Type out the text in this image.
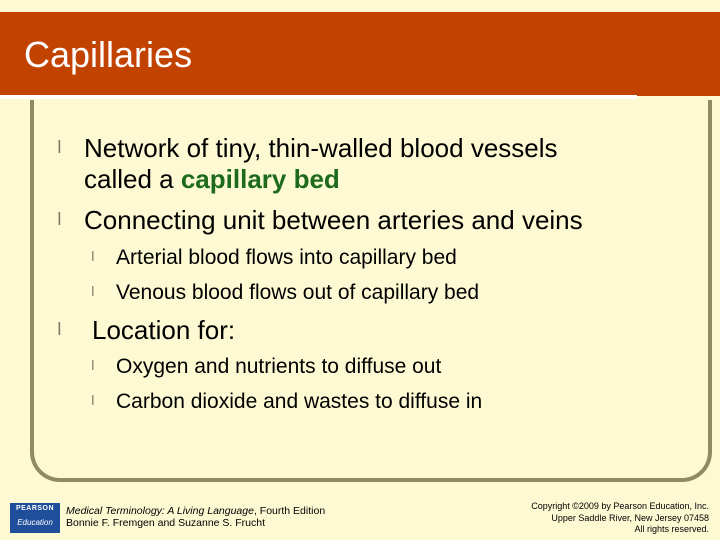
Capillaries
l Network of tiny, thin-walled blood vessels
called a capillary bed
l Connecting unit between arteries and veins
l Arterial blood flows into capillary bed
l Venous blood flows out of capillary bed
l Location for:
l Oxygen and nutrients to diffuse out
l Carbon dioxide and wastes to diffuse in
PEARSON
Education
Medical Terminology: A Living Language, Fourth Edition
Bonnie F. Fremgen and Suzanne S. Frucht
Copyright ©2009 by Pearson Education, Inc.
Upper Saddle River, New Jersey 07458
All rights reserved.
